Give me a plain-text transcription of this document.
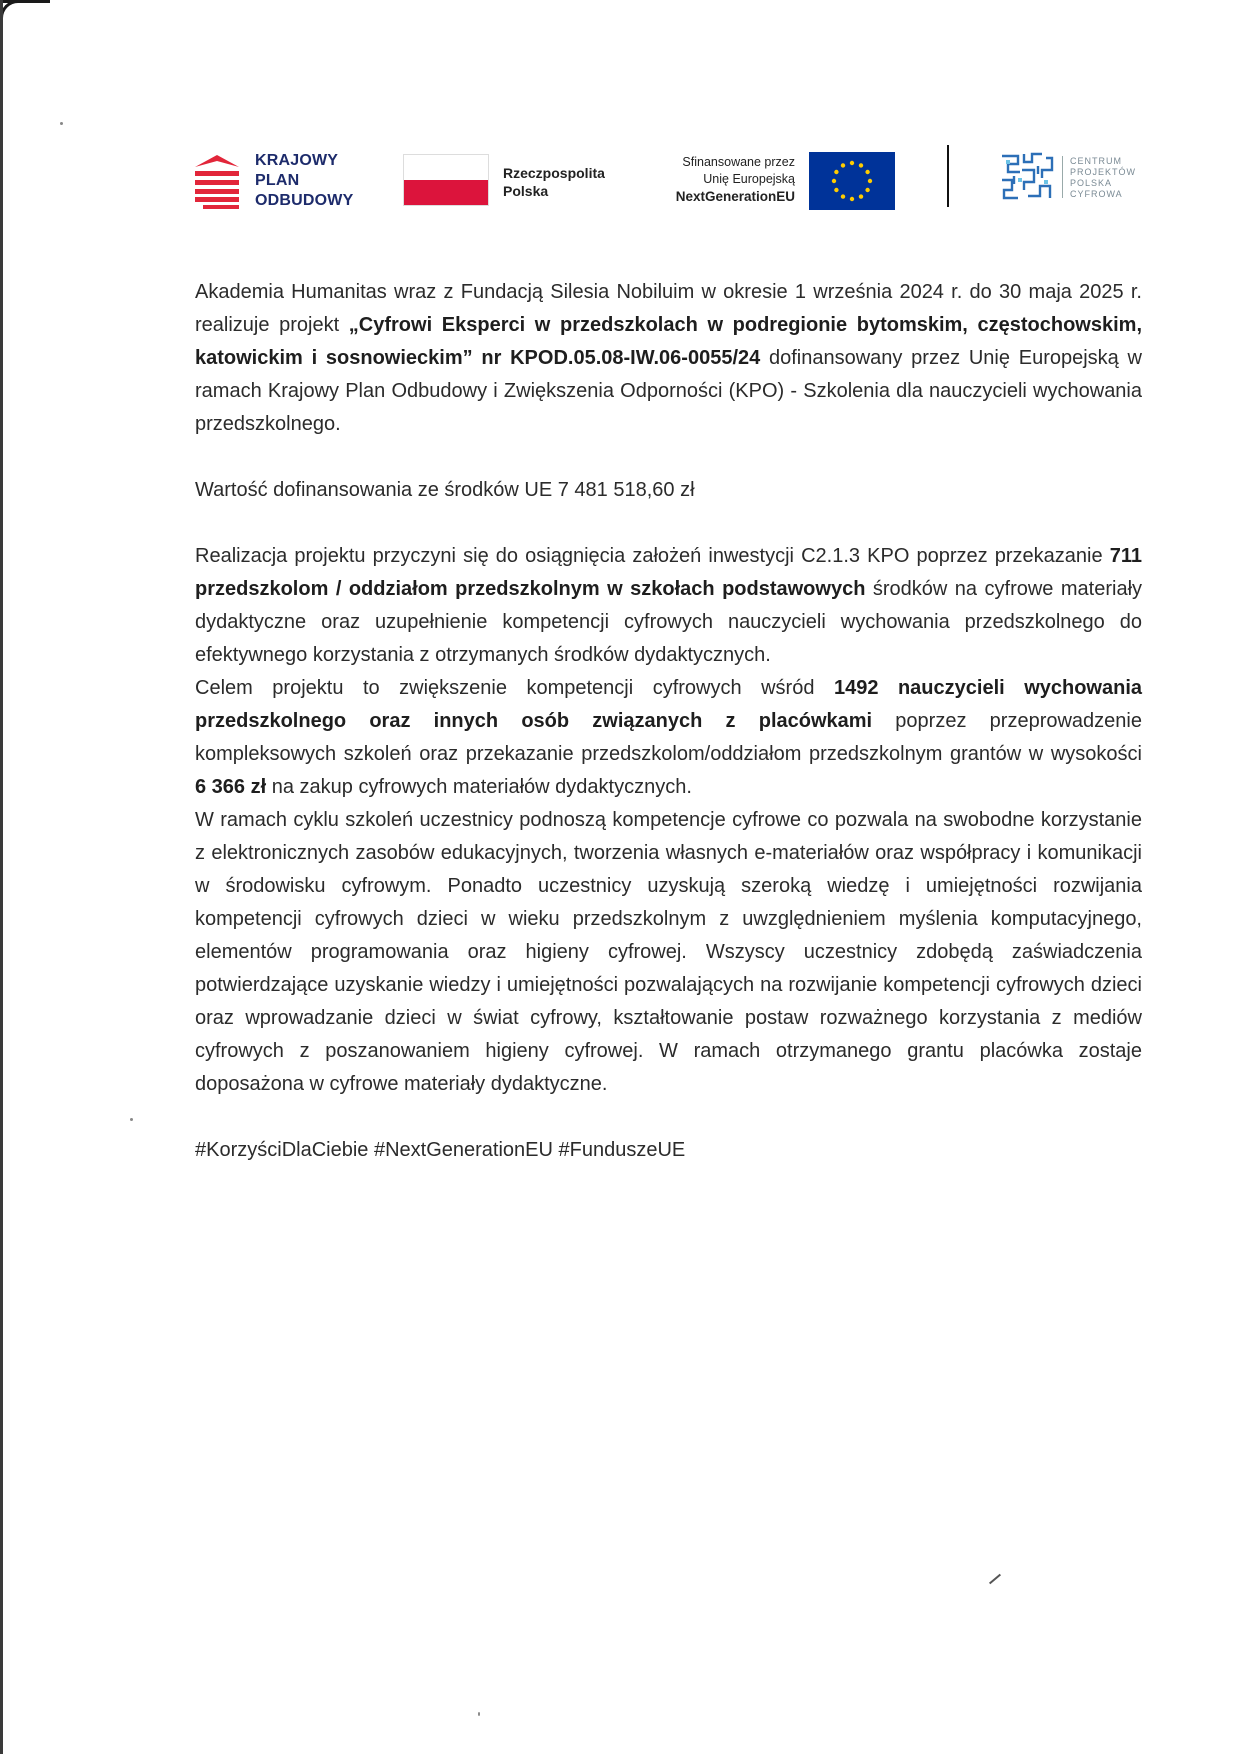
KRAJOWY
PLAN
ODBUDOWY
Rzeczpospolita
Polska
Sfinansowane przez
Unię Europejską
NextGenerationEU
CENTRUM
PROJEKTÓW
POLSKA
CYFROWA

Akademia Humanitas wraz z Fundacją Silesia Nobiluim w okresie 1 września 2024 r. do 30 maja 2025 r. realizuje projekt „Cyfrowi Eksperci w przedszkolach w podregionie bytomskim, częstochowskim, katowickim i sosnowieckim” nr KPOD.05.08-IW.06-0055/24 dofinansowany przez Unię Europejską w ramach Krajowy Plan Odbudowy i Zwiększenia Odporności (KPO) - Szkolenia dla nauczycieli wychowania przedszkolnego.

Wartość dofinansowania ze środków UE 7 481 518,60 zł

Realizacja projektu przyczyni się do osiągnięcia założeń inwestycji C2.1.3 KPO poprzez przekazanie 711 przedszkolom / oddziałom przedszkolnym w szkołach podstawowych środków na cyfrowe materiały dydaktyczne oraz uzupełnienie kompetencji cyfrowych nauczycieli wychowania przedszkolnego do efektywnego korzystania z otrzymanych środków dydaktycznych.

Celem projektu to zwiększenie kompetencji cyfrowych wśród 1492 nauczycieli wychowania przedszkolnego oraz innych osób związanych z placówkami poprzez przeprowadzenie kompleksowych szkoleń oraz przekazanie przedszkolom/oddziałom przedszkolnym grantów w wysokości 6 366 zł na zakup cyfrowych materiałów dydaktycznych.

W ramach cyklu szkoleń uczestnicy podnoszą kompetencje cyfrowe co pozwala na swobodne korzystanie z elektronicznych zasobów edukacyjnych, tworzenia własnych e-materiałów oraz współpracy i komunikacji w środowisku cyfrowym. Ponadto uczestnicy uzyskują szeroką wiedzę i umiejętności rozwijania kompetencji cyfrowych dzieci w wieku przedszkolnym z uwzględnieniem myślenia komputacyjnego, elementów programowania oraz higieny cyfrowej. Wszyscy uczestnicy zdobędą zaświadczenia potwierdzające uzyskanie wiedzy i umiejętności pozwalających na rozwijanie kompetencji cyfrowych dzieci oraz wprowadzanie dzieci w świat cyfrowy, kształtowanie postaw rozważnego korzystania z mediów cyfrowych z poszanowaniem higieny cyfrowej. W ramach otrzymanego grantu placówka zostaje doposażona w cyfrowe materiały dydaktyczne.

#KorzyściDlaCiebie #NextGenerationEU #FunduszeUE
